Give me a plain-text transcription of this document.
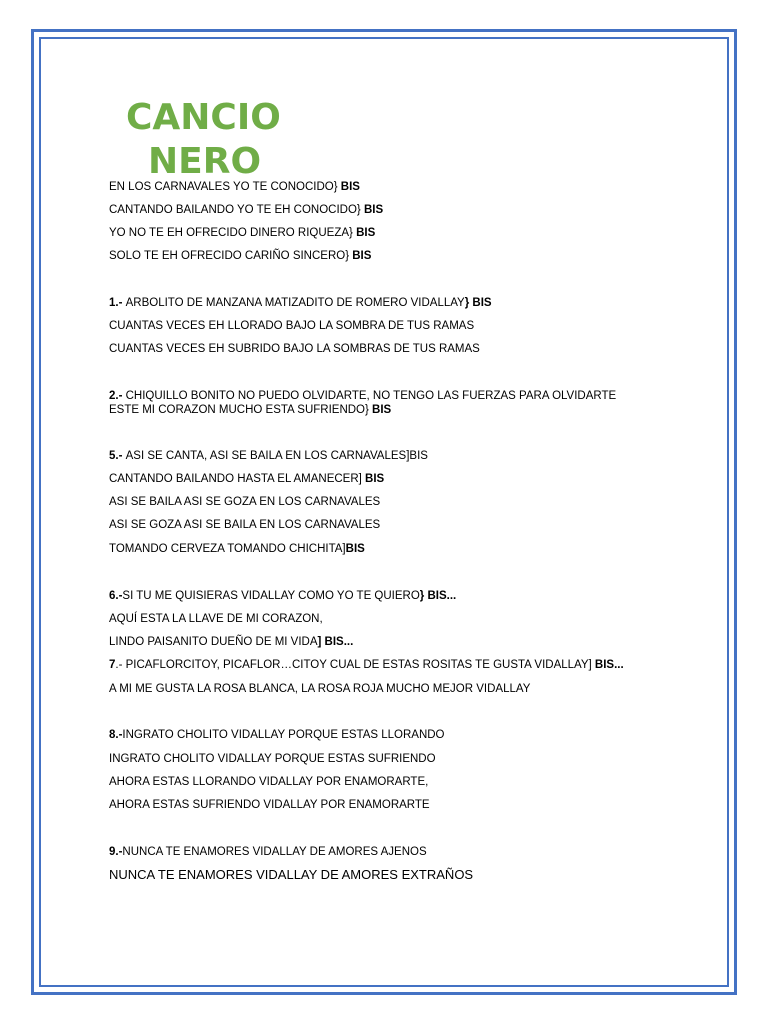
CANCIO
NERO
EN LOS CARNAVALES YO TE CONOCIDO} BIS
CANTANDO BAILANDO YO TE EH CONOCIDO} BIS
YO NO TE EH OFRECIDO DINERO RIQUEZA} BIS
SOLO TE EH OFRECIDO CARIÑO SINCERO} BIS
1.- ARBOLITO DE MANZANA MATIZADITO DE ROMERO VIDALLAY} BIS
CUANTAS VECES EH LLORADO BAJO LA SOMBRA DE TUS RAMAS
CUANTAS VECES EH SUBRIDO BAJO LA SOMBRAS DE TUS RAMAS
2.- CHIQUILLO BONITO NO PUEDO OLVIDARTE, NO TENGO LAS FUERZAS PARA OLVIDARTE
ESTE MI CORAZON MUCHO ESTA SUFRIENDO} BIS
5.- ASI SE CANTA, ASI SE BAILA EN LOS CARNAVALES]BIS
CANTANDO BAILANDO HASTA EL AMANECER] BIS
ASI SE BAILA ASI SE GOZA EN LOS CARNAVALES
ASI SE GOZA ASI SE BAILA EN LOS CARNAVALES
TOMANDO CERVEZA TOMANDO CHICHITA]BIS
6.-SI TU ME QUISIERAS VIDALLAY COMO YO TE QUIERO} BIS...
AQUÍ ESTA LA LLAVE DE MI CORAZON,
LINDO PAISANITO DUEÑO DE MI VIDA] BIS...
7.- PICAFLORCITOY, PICAFLOR…CITOY CUAL DE ESTAS ROSITAS TE GUSTA VIDALLAY] BIS...
A MI ME GUSTA LA ROSA BLANCA, LA ROSA ROJA MUCHO MEJOR VIDALLAY
8.-INGRATO CHOLITO VIDALLAY PORQUE ESTAS LLORANDO
INGRATO CHOLITO VIDALLAY PORQUE ESTAS SUFRIENDO
AHORA ESTAS LLORANDO VIDALLAY POR ENAMORARTE,
AHORA ESTAS SUFRIENDO VIDALLAY POR ENAMORARTE
9.-NUNCA TE ENAMORES VIDALLAY DE AMORES AJENOS
NUNCA TE ENAMORES VIDALLAY DE AMORES EXTRAÑOS
